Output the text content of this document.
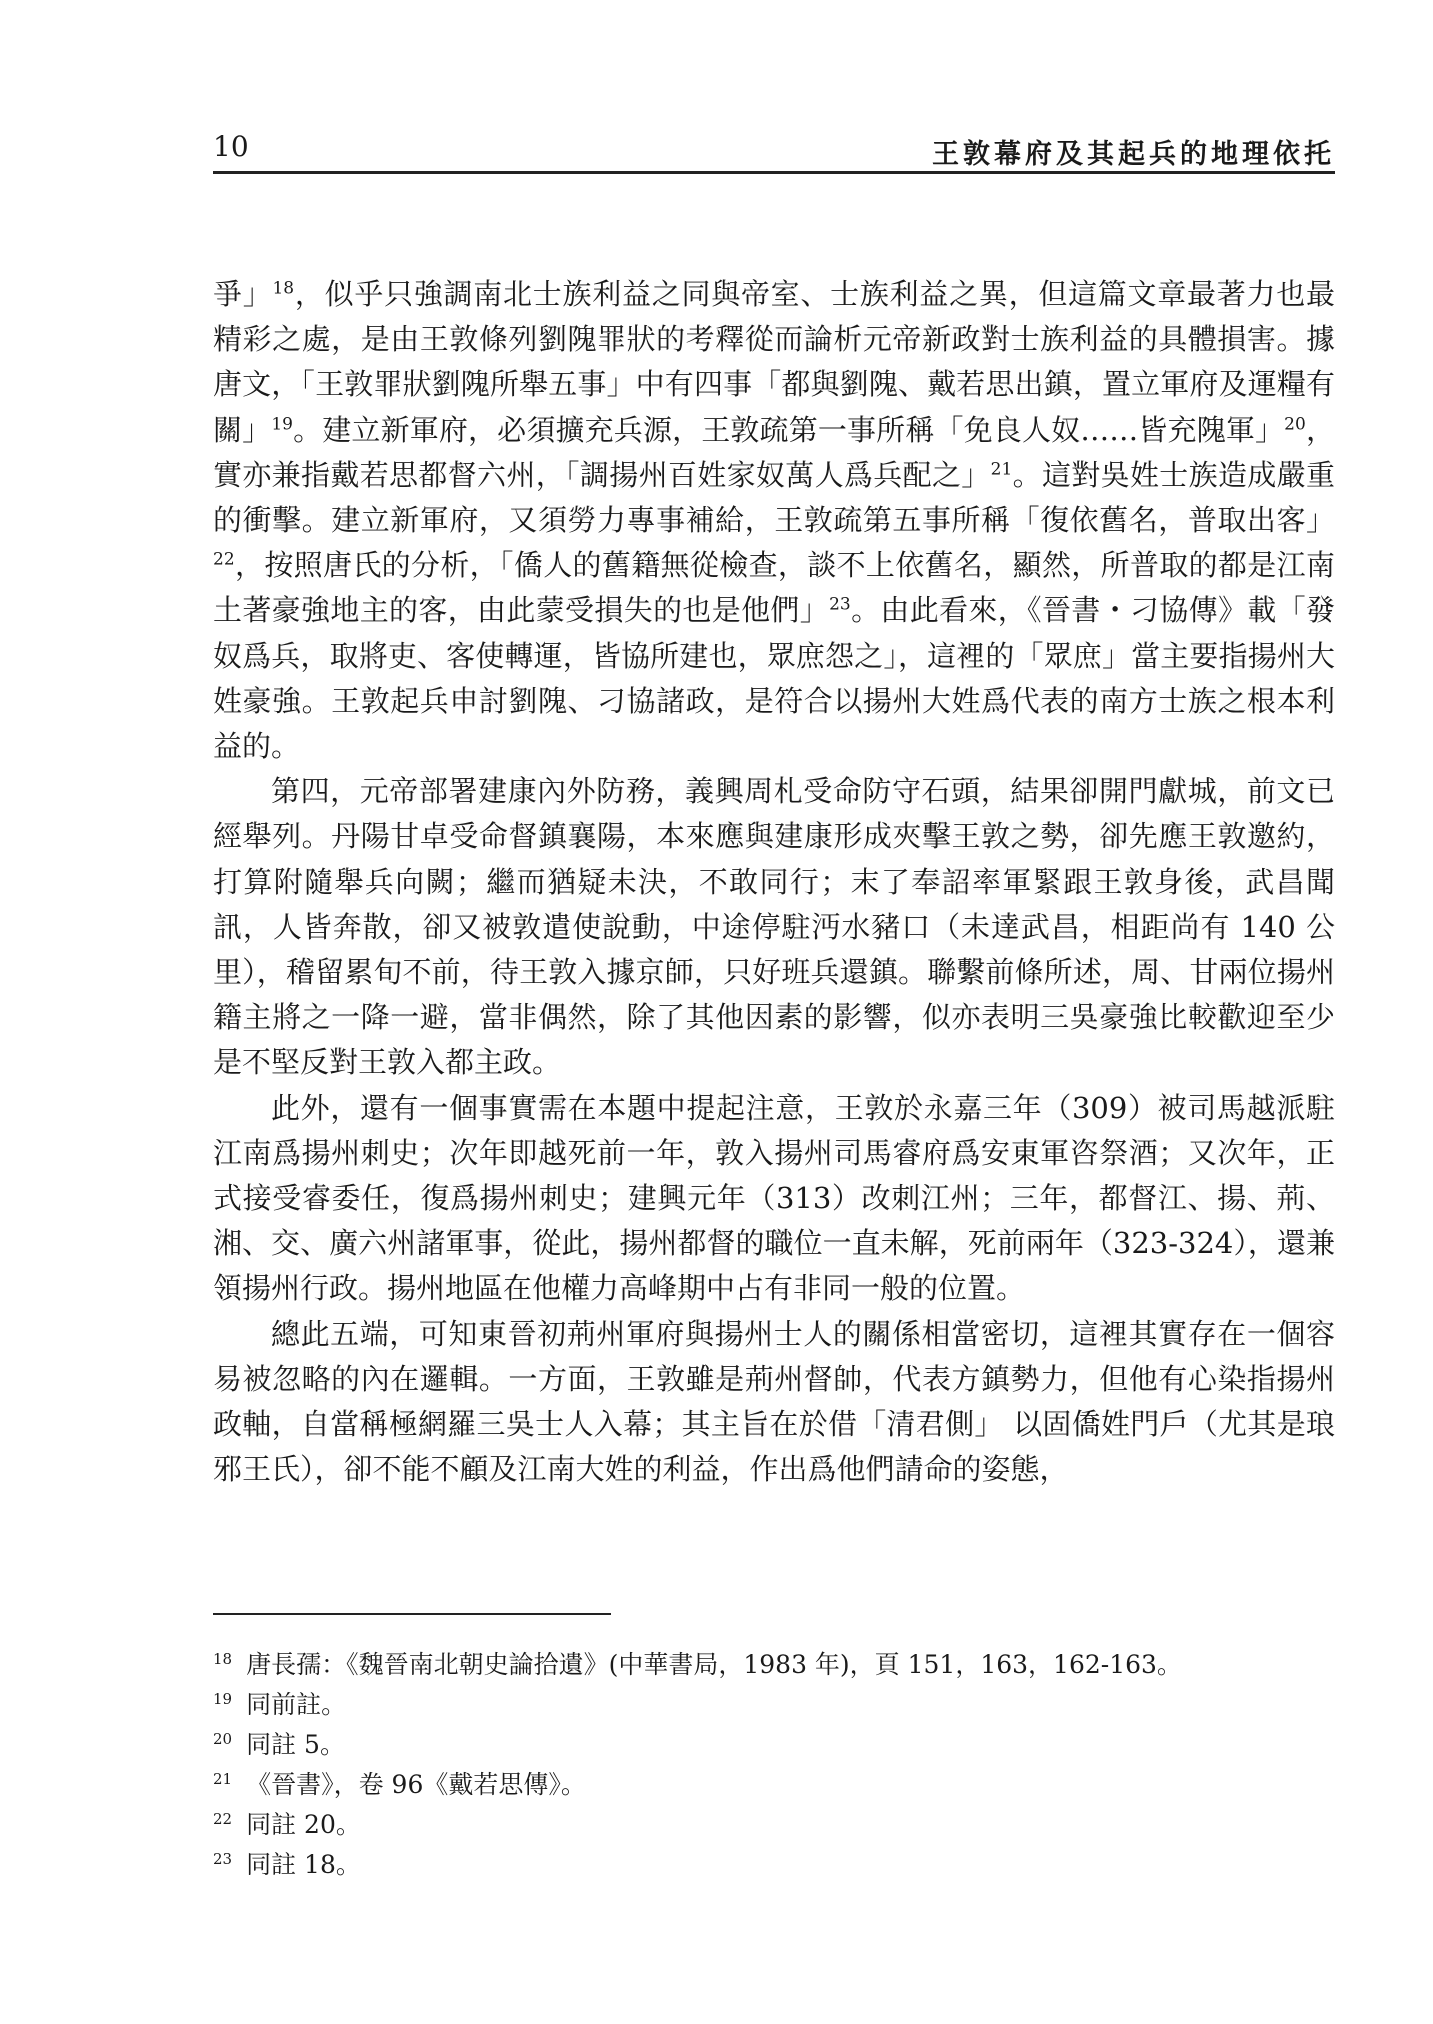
10	王敦幕府及其起兵的地理依托

爭」$^{18}$，似乎只強調南北士族利益之同與帝室、士族利益之異，但這篇文章最著力也最精彩之處，是由王敦條列劉隗罪狀的考釋從而論析元帝新政對士族利益的具體損害。據唐文，「王敦罪狀劉隗所舉五事」中有四事「都與劉隗、戴若思出鎮，置立軍府及運糧有關」$^{19}$。建立新軍府，必須擴充兵源，王敦疏第一事所稱「免良人奴……皆充隗軍」$^{20}$，實亦兼指戴若思都督六州，「調揚州百姓家奴萬人爲兵配之」$^{21}$。這對吳姓士族造成嚴重的衝擊。建立新軍府，又須勞力專事補給，王敦疏第五事所稱「復依舊名，普取出客」$^{22}$，按照唐氏的分析，「僑人的舊籍無從檢查，談不上依舊名，顯然，所普取的都是江南土著豪強地主的客，由此蒙受損失的也是他們」$^{23}$。由此看來，《晉書・刁協傳》載「發奴爲兵，取將吏、客使轉運，皆協所建也，眾庶怨之」，這裡的「眾庶」當主要指揚州大姓豪強。王敦起兵申討劉隗、刁協諸政，是符合以揚州大姓爲代表的南方士族之根本利益的。

第四，元帝部署建康內外防務，義興周札受命防守石頭，結果卻開門獻城，前文已經舉列。丹陽甘卓受命督鎮襄陽，本來應與建康形成夾擊王敦之勢，卻先應王敦邀約，打算附隨舉兵向闕；繼而猶疑未決，不敢同行；末了奉詔率軍緊跟王敦身後，武昌聞訊，人皆奔散，卻又被敦遣使說動，中途停駐沔水豬口（未達武昌，相距尚有 140 公里），稽留累旬不前，待王敦入據京師，只好班兵還鎮。聯繫前條所述，周、甘兩位揚州籍主將之一降一避，當非偶然，除了其他因素的影響，似亦表明三吳豪強比較歡迎至少是不堅反對王敦入都主政。

此外，還有一個事實需在本題中提起注意，王敦於永嘉三年（309）被司馬越派駐江南爲揚州刺史；次年即越死前一年，敦入揚州司馬睿府爲安東軍咨祭酒；又次年，正式接受睿委任，復爲揚州刺史；建興元年（313）改刺江州；三年，都督江、揚、荊、湘、交、廣六州諸軍事，從此，揚州都督的職位一直未解，死前兩年（323-324），還兼領揚州行政。揚州地區在他權力高峰期中占有非同一般的位置。

總此五端，可知東晉初荊州軍府與揚州士人的關係相當密切，這裡其實存在一個容易被忽略的內在邏輯。一方面，王敦雖是荊州督帥，代表方鎮勢力，但他有心染指揚州政軸，自當稱極網羅三吳士人入幕；其主旨在於借「清君側」 以固僑姓門戶（尤其是琅邪王氏），卻不能不顧及江南大姓的利益，作出爲他們請命的姿態，

$^{18}$ 唐長孺：《魏晉南北朝史論拾遺》(中華書局，1983 年)，頁 151，163，162-163。

$^{19}$ 同前註。

$^{20}$ 同註 5。

$^{21}$ 《晉書》，卷 96《戴若思傳》。

$^{22}$ 同註 20。

$^{23}$ 同註 18。
